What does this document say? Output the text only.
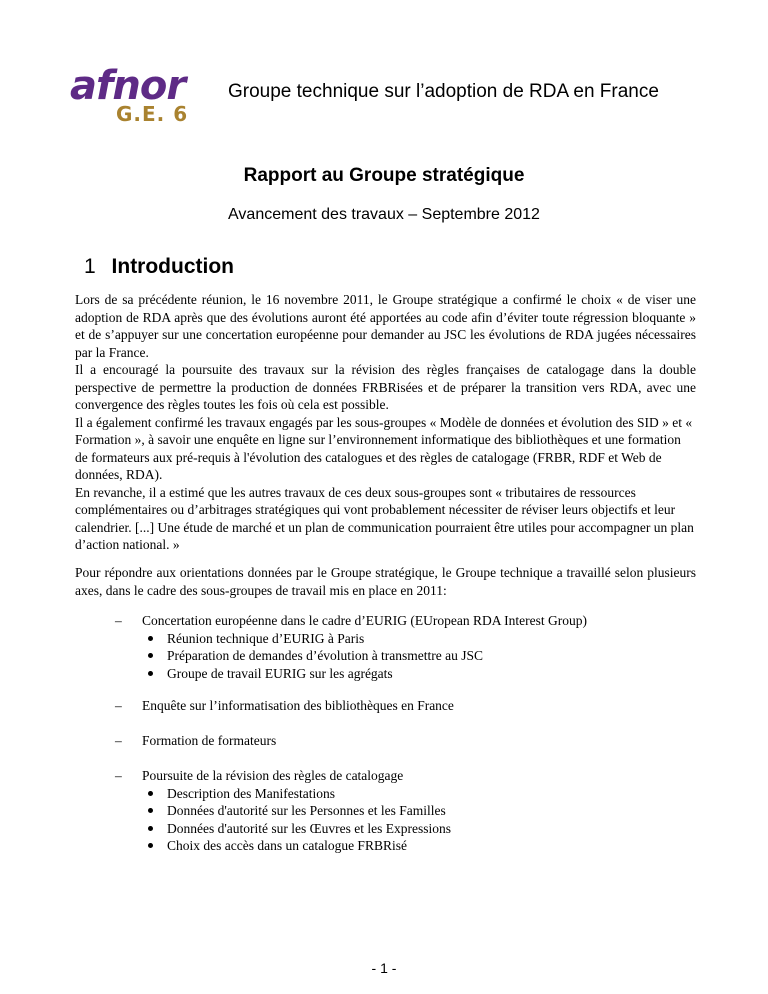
afnor
G.E. 6
Groupe technique sur l’adoption de RDA en France
Rapport au Groupe stratégique
Avancement des travaux – Septembre 2012
1 Introduction

Lors de sa précédente réunion, le 16 novembre 2011, le Groupe stratégique a confirmé le choix « de viser une adoption de RDA après que des évolutions auront été apportées au code afin d’éviter toute régression bloquante » et de s’appuyer sur une concertation européenne pour demander au JSC les évolutions de RDA jugées nécessaires par la France.

Il a encouragé la poursuite des travaux sur la révision des règles françaises de catalogage dans la double perspective de permettre la production de données FRBRisées et de préparer la transition vers RDA, avec une convergence des règles toutes les fois où cela est possible.

Il a également confirmé les travaux engagés par les sous-groupes « Modèle de données et évolution des SID » et « Formation », à savoir une enquête en ligne sur l’environnement informatique des bibliothèques et une formation de formateurs aux pré-requis à l'évolution des catalogues et des règles de catalogage (FRBR, RDF et Web de données, RDA).

En revanche, il a estimé que les autres travaux de ces deux sous-groupes sont « tributaires de ressources complémentaires ou d’arbitrages stratégiques qui vont probablement nécessiter de réviser leurs objectifs et leur calendrier. [...] Une étude de marché et un plan de communication pourraient être utiles pour accompagner un plan d’action national. »

Pour répondre aux orientations données par le Groupe stratégique, le Groupe technique a travaillé selon plusieurs axes, dans le cadre des sous-groupes de travail mis en place en 2011:
– Concertation européenne dans le cadre d’EURIG (EUropean RDA Interest Group)
Réunion technique d’EURIG à Paris
Préparation de demandes d’évolution à transmettre au JSC
Groupe de travail EURIG sur les agrégats
– Enquête sur l’informatisation des bibliothèques en France
– Formation de formateurs
– Poursuite de la révision des règles de catalogage
Description des Manifestations
Données d'autorité sur les Personnes et les Familles
Données d'autorité sur les Œuvres et les Expressions
Choix des accès dans un catalogue FRBRisé
- 1 -
